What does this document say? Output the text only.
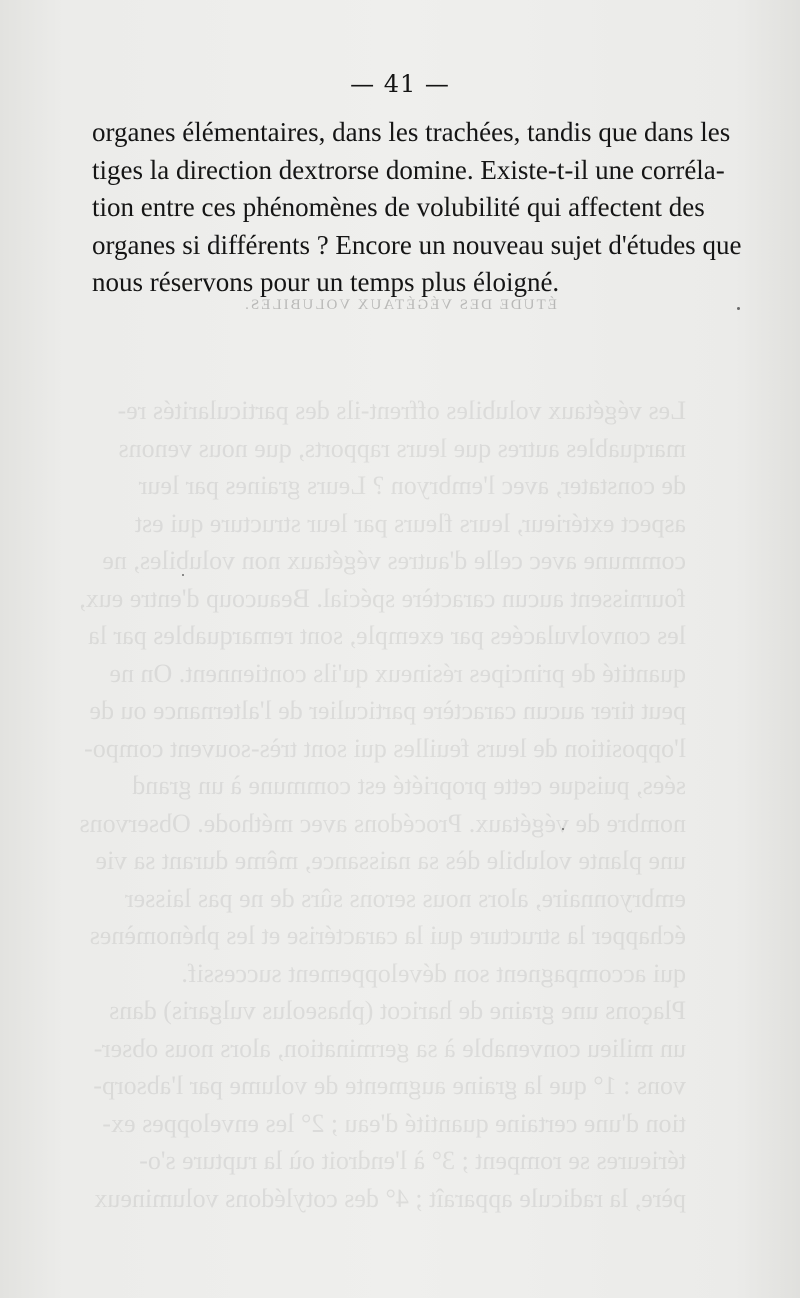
ÉTUDE DES VÉGÉTAUX VOLUBILES.
Les végétaux volubiles offrent-ils des particularités re-
marquables autres que leurs rapports, que nous venons
de constater, avec l'embryon ? Leurs graines par leur
aspect extérieur, leurs fleurs par leur structure qui est
commune avec celle d'autres végétaux non volubiles, ne
fournissent aucun caractère spécial. Beaucoup d'entre eux,
les convolvulacées par exemple, sont remarquables par la
quantité de principes résineux qu'ils contiennent. On ne
peut tirer aucun caractère particulier de l'alternance ou de
l'opposition de leurs feuilles qui sont très-souvent compo-
sées, puisque cette propriété est commune à un grand
nombre de végétaux. Procédons avec méthode. Observons
une plante volubile dès sa naissance, même durant sa vie
embryonnaire, alors nous serons sûrs de ne pas laisser
échapper la structure qui la caractérise et les phénomènes
qui accompagnent son développement successif.
Plaçons une graine de haricot (phaseolus vulgaris) dans
un milieu convenable à sa germination, alors nous obser-
vons : 1° que la graine augmente de volume par l'absorp-
tion d'une certaine quantité d'eau ; 2° les enveloppes ex-
térieures se rompent ; 3° à l'endroit où la rupture s'o-
père, la radicule apparaît ; 4° des cotylédons volumineux
— 41 —
organes élémentaires, dans les trachées, tandis que dans les
tiges la direction dextrorse domine. Existe-t-il une corréla-
tion entre ces phénomènes de volubilité qui affectent des
organes si différents ? Encore un nouveau sujet d'études que
nous réservons pour un temps plus éloigné.
